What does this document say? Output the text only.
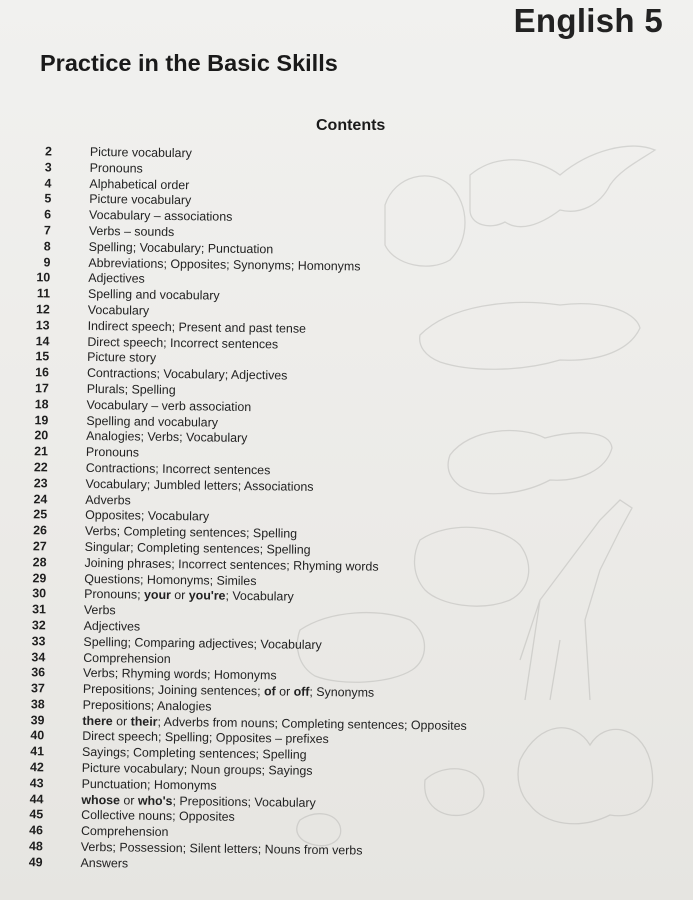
English 5
Practice in the Basic Skills
Contents
2	Picture vocabulary
3	Pronouns
4	Alphabetical order
5	Picture vocabulary
6	Vocabulary – associations
7	Verbs – sounds
8	Spelling; Vocabulary; Punctuation
9	Abbreviations; Opposites; Synonyms; Homonyms
10	Adjectives
11	Spelling and vocabulary
12	Vocabulary
13	Indirect speech; Present and past tense
14	Direct speech; Incorrect sentences
15	Picture story
16	Contractions; Vocabulary; Adjectives
17	Plurals; Spelling
18	Vocabulary – verb association
19	Spelling and vocabulary
20	Analogies; Verbs; Vocabulary
21	Pronouns
22	Contractions; Incorrect sentences
23	Vocabulary; Jumbled letters; Associations
24	Adverbs
25	Opposites; Vocabulary
26	Verbs; Completing sentences; Spelling
27	Singular; Completing sentences; Spelling
28	Joining phrases; Incorrect sentences; Rhyming words
29	Questions; Homonyms; Similes
30	Pronouns; your or you're; Vocabulary
31	Verbs
32	Adjectives
33	Spelling; Comparing adjectives; Vocabulary
34	Comprehension
36	Verbs; Rhyming words; Homonyms
37	Prepositions; Joining sentences; of or off; Synonyms
38	Prepositions; Analogies
39	there or their; Adverbs from nouns; Completing sentences; Opposites
40	Direct speech; Spelling; Opposites – prefixes
41	Sayings; Completing sentences; Spelling
42	Picture vocabulary; Noun groups; Sayings
43	Punctuation; Homonyms
44	whose or who's; Prepositions; Vocabulary
45	Collective nouns; Opposites
46	Comprehension
48	Verbs; Possession; Silent letters; Nouns from verbs
49	Answers
